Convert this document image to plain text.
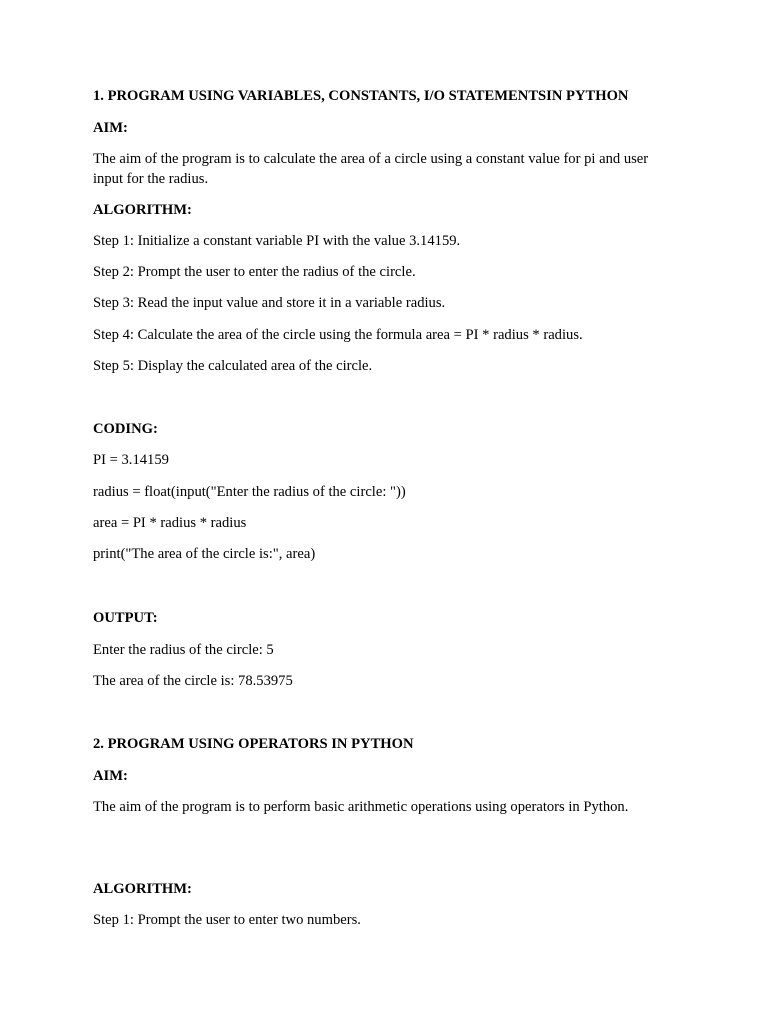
1. PROGRAM USING VARIABLES, CONSTANTS, I/O STATEMENTSIN PYTHON
AIM:
The aim of the program is to calculate the area of a circle using a constant value for pi and user input for the radius.
ALGORITHM:
Step 1: Initialize a constant variable PI with the value 3.14159.
Step 2: Prompt the user to enter the radius of the circle.
Step 3: Read the input value and store it in a variable radius.
Step 4: Calculate the area of the circle using the formula area = PI * radius * radius.
Step 5: Display the calculated area of the circle.
CODING:
PI = 3.14159
radius = float(input("Enter the radius of the circle: "))
area = PI * radius * radius
print("The area of the circle is:", area)
OUTPUT:
Enter the radius of the circle: 5
The area of the circle is: 78.53975
2. PROGRAM USING OPERATORS IN PYTHON
AIM:
The aim of the program is to perform basic arithmetic operations using operators in Python.
ALGORITHM:
Step 1: Prompt the user to enter two numbers.
